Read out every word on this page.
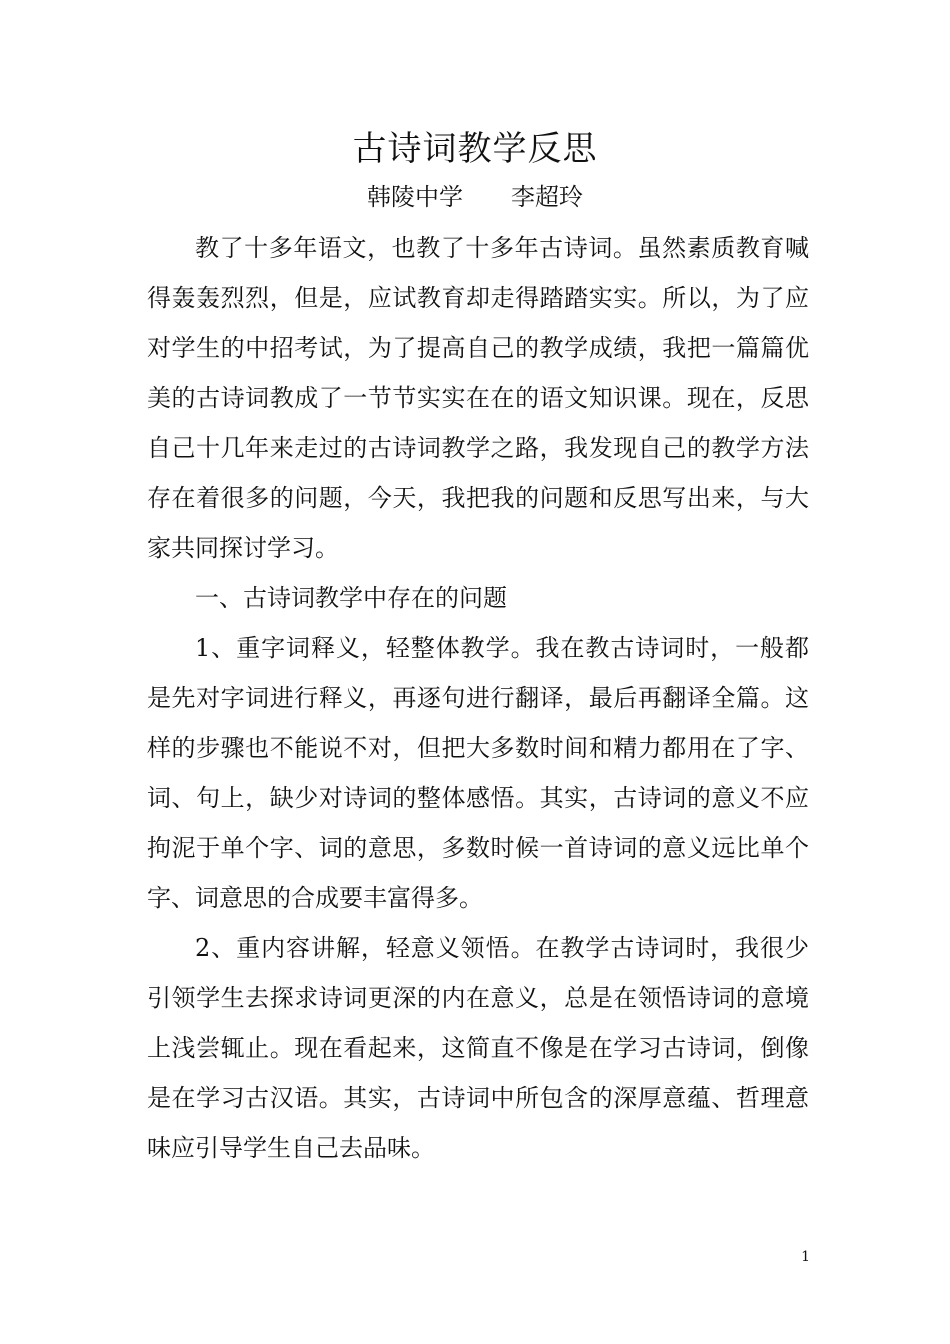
古诗词教学反思
韩陵中学　　李超玲

教了十多年语文，也教了十多年古诗词。虽然素质教育喊得轰轰烈烈，但是，应试教育却走得踏踏实实。所以，为了应对学生的中招考试，为了提高自己的教学成绩，我把一篇篇优美的古诗词教成了一节节实实在在的语文知识课。现在，反思自己十几年来走过的古诗词教学之路，我发现自己的教学方法存在着很多的问题，今天，我把我的问题和反思写出来，与大家共同探讨学习。

一、古诗词教学中存在的问题

1、重字词释义，轻整体教学。我在教古诗词时，一般都是先对字词进行释义，再逐句进行翻译，最后再翻译全篇。这样的步骤也不能说不对，但把大多数时间和精力都用在了字、词、句上，缺少对诗词的整体感悟。其实，古诗词的意义不应拘泥于单个字、词的意思，多数时候一首诗词的意义远比单个字、词意思的合成要丰富得多。

2、重内容讲解，轻意义领悟。在教学古诗词时，我很少引领学生去探求诗词更深的内在意义，总是在领悟诗词的意境上浅尝辄止。现在看起来，这简直不像是在学习古诗词，倒像是在学习古汉语。其实，古诗词中所包含的深厚意蕴、哲理意味应引导学生自己去品味。

1
